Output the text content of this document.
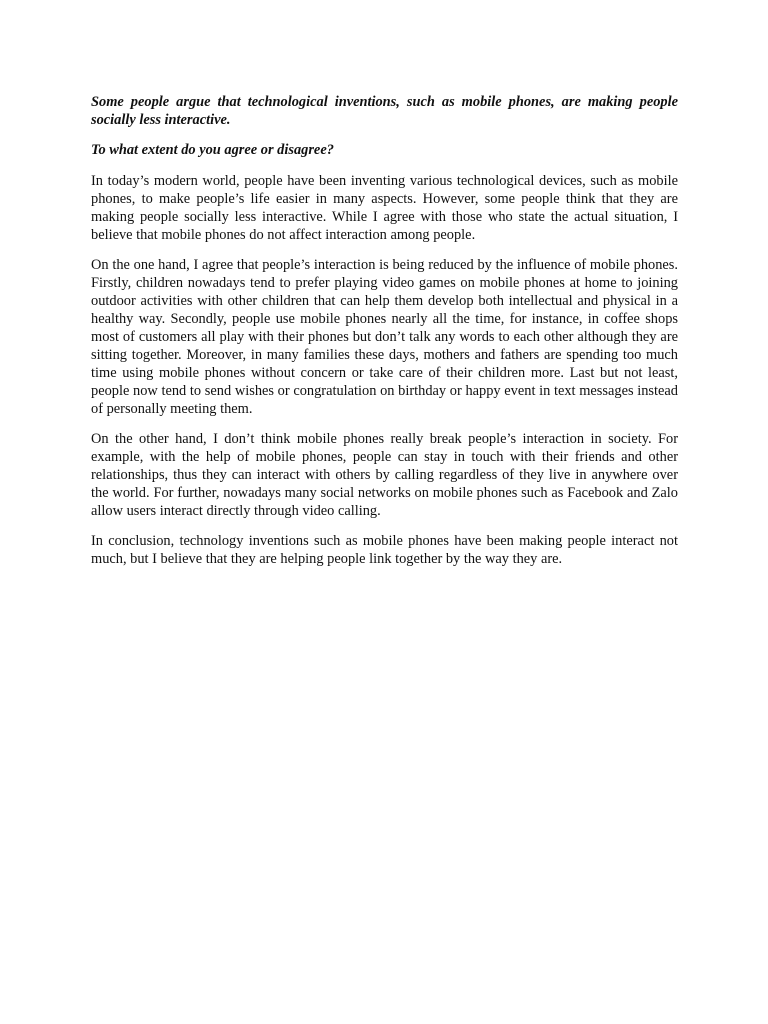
Some people argue that technological inventions, such as mobile phones, are making people socially less interactive.

To what extent do you agree or disagree?

In today’s modern world, people have been inventing various technological devices, such as mobile phones, to make people’s life easier in many aspects. However, some people think that they are making people socially less interactive. While I agree with those who state the actual situation, I believe that mobile phones do not affect interaction among people.

On the one hand, I agree that people’s interaction is being reduced by the influence of mobile phones. Firstly, children nowadays tend to prefer playing video games on mobile phones at home to joining outdoor activities with other children that can help them develop both intellectual and physical in a healthy way. Secondly, people use mobile phones nearly all the time, for instance, in coffee shops most of customers all play with their phones but don’t talk any words to each other although they are sitting together. Moreover, in many families these days, mothers and fathers are spending too much time using mobile phones without concern or take care of their children more. Last but not least, people now tend to send wishes or congratulation on birthday or happy event in text messages instead of personally meeting them.

On the other hand, I don’t think mobile phones really break people’s interaction in society. For example, with the help of mobile phones, people can stay in touch with their friends and other relationships, thus they can interact with others by calling regardless of they live in anywhere over the world. For further, nowadays many social networks on mobile phones such as Facebook and Zalo allow users interact directly through video calling.

In conclusion, technology inventions such as mobile phones have been making people interact not much, but I believe that they are helping people link together by the way they are.
